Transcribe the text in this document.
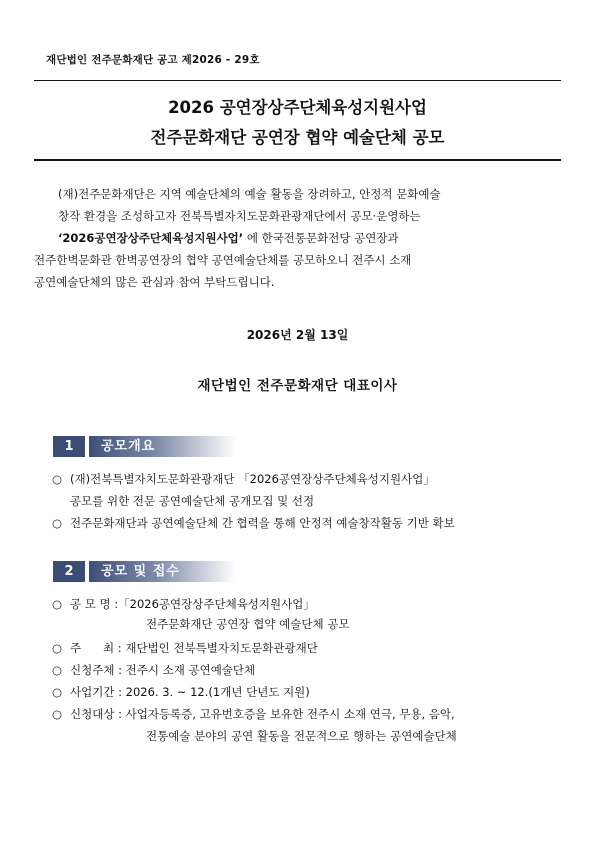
재단법인 전주문화재단 공고 제2026 - 29호
2026 공연장상주단체육성지원사업
전주문화재단 공연장 협약 예술단체 공모
(재)전주문화재단은 지역 예술단체의 예술 활동을 장려하고, 안정적 문화예술
창작 환경을 조성하고자 전북특별자치도문화관광재단에서 공모·운영하는
‘2026공연장상주단체육성지원사업’ 에 한국전통문화전당 공연장과
전주한벽문화관 한벽공연장의 협약 공연예술단체를 공모하오니 전주시 소재
공연예술단체의 많은 관심과 참여 부탁드립니다.
2026년 2월 13일
재단법인 전주문화재단 대표이사
1	공모개요
○ (재)전북특별자치도문화관광재단 「2026공연장상주단체육성지원사업」
공모를 위한 전문 공연예술단체 공개모집 및 선정
○ 전주문화재단과 공연예술단체 간 협력을 통해 안정적 예술창작활동 기반 확보
2	공모 및 접수
○ 공 모 명 :「2026공연장상주단체육성지원사업」
전주문화재단 공연장 협약 예술단체 공모
○ 주      최 : 재단법인 전북특별자치도문화관광재단
○ 신청주체 : 전주시 소재 공연예술단체
○ 사업기간 : 2026. 3. ~ 12.(1개년 단년도 지원)
○ 신청대상 : 사업자등록증, 고유번호증을 보유한 전주시 소재 연극, 무용, 음악,
전통예술 분야의 공연 활동을 전문적으로 행하는 공연예술단체
